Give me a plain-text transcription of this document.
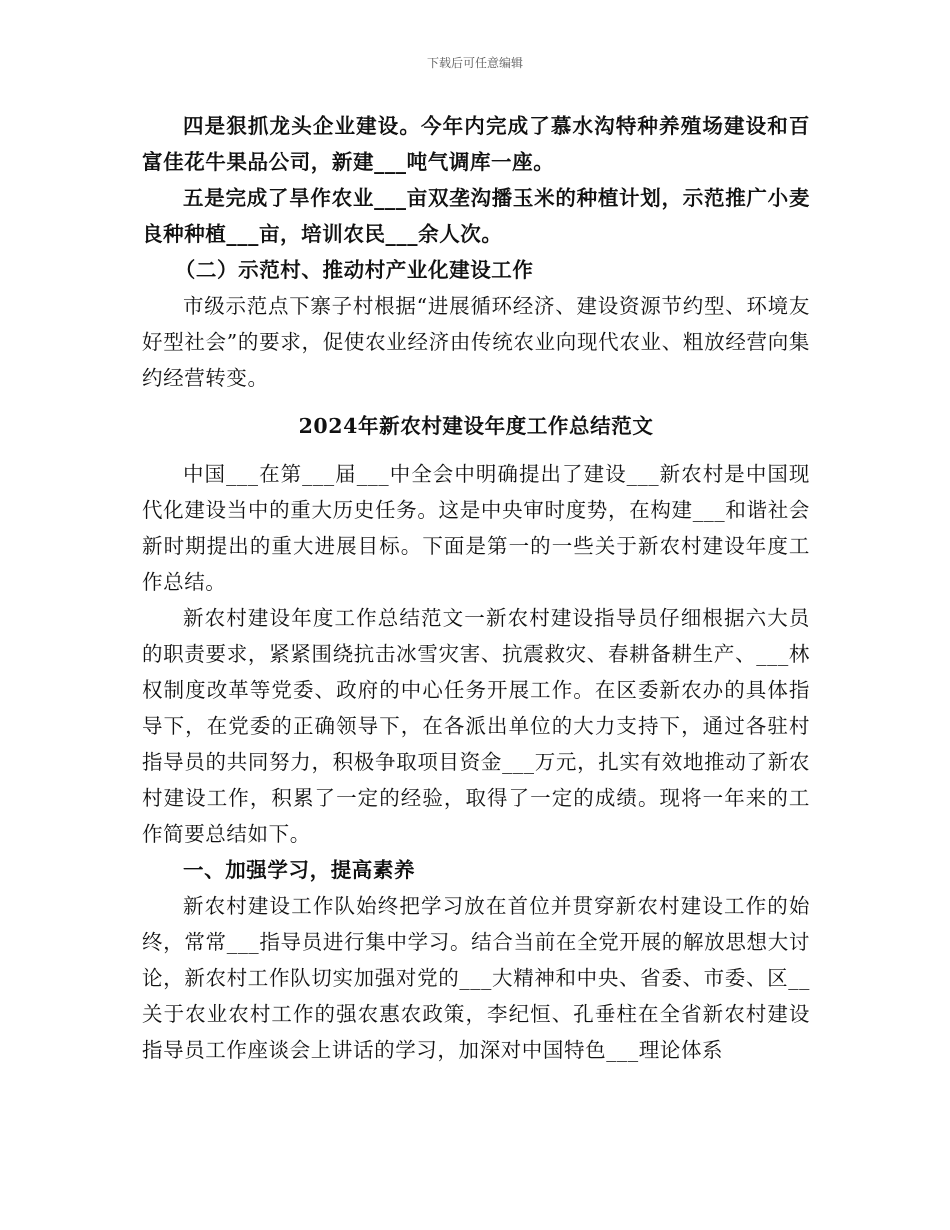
下载后可任意编辑

四是狠抓龙头企业建设。今年内完成了慕水沟特种养殖场建设和百富佳花牛果品公司，新建___吨气调库一座。

五是完成了旱作农业___亩双垄沟播玉米的种植计划，示范推广小麦良种种植___亩，培训农民___余人次。

（二）示范村、推动村产业化建设工作

市级示范点下寨子村根据“进展循环经济、建设资源节约型、环境友好型社会”的要求，促使农业经济由传统农业向现代农业、粗放经营向集约经营转变。

2024年新农村建设年度工作总结范文

中国___在第___届___中全会中明确提出了建设___新农村是中国现代化建设当中的重大历史任务。这是中央审时度势，在构建___和谐社会新时期提出的重大进展目标。下面是第一的一些关于新农村建设年度工作总结。

新农村建设年度工作总结范文一新农村建设指导员仔细根据六大员的职责要求，紧紧围绕抗击冰雪灾害、抗震救灾、春耕备耕生产、___林权制度改革等党委、政府的中心任务开展工作。在区委新农办的具体指导下，在党委的正确领导下，在各派出单位的大力支持下，通过各驻村指导员的共同努力，积极争取项目资金___万元，扎实有效地推动了新农村建设工作，积累了一定的经验，取得了一定的成绩。现将一年来的工作简要总结如下。

一、加强学习，提高素养

新农村建设工作队始终把学习放在首位并贯穿新农村建设工作的始终，常常___指导员进行集中学习。结合当前在全党开展的解放思想大讨论，新农村工作队切实加强对党的___大精神和中央、省委、市委、区__关于农业农村工作的强农惠农政策，李纪恒、孔垂柱在全省新农村建设指导员工作座谈会上讲话的学习，加深对中国特色___理论体系
